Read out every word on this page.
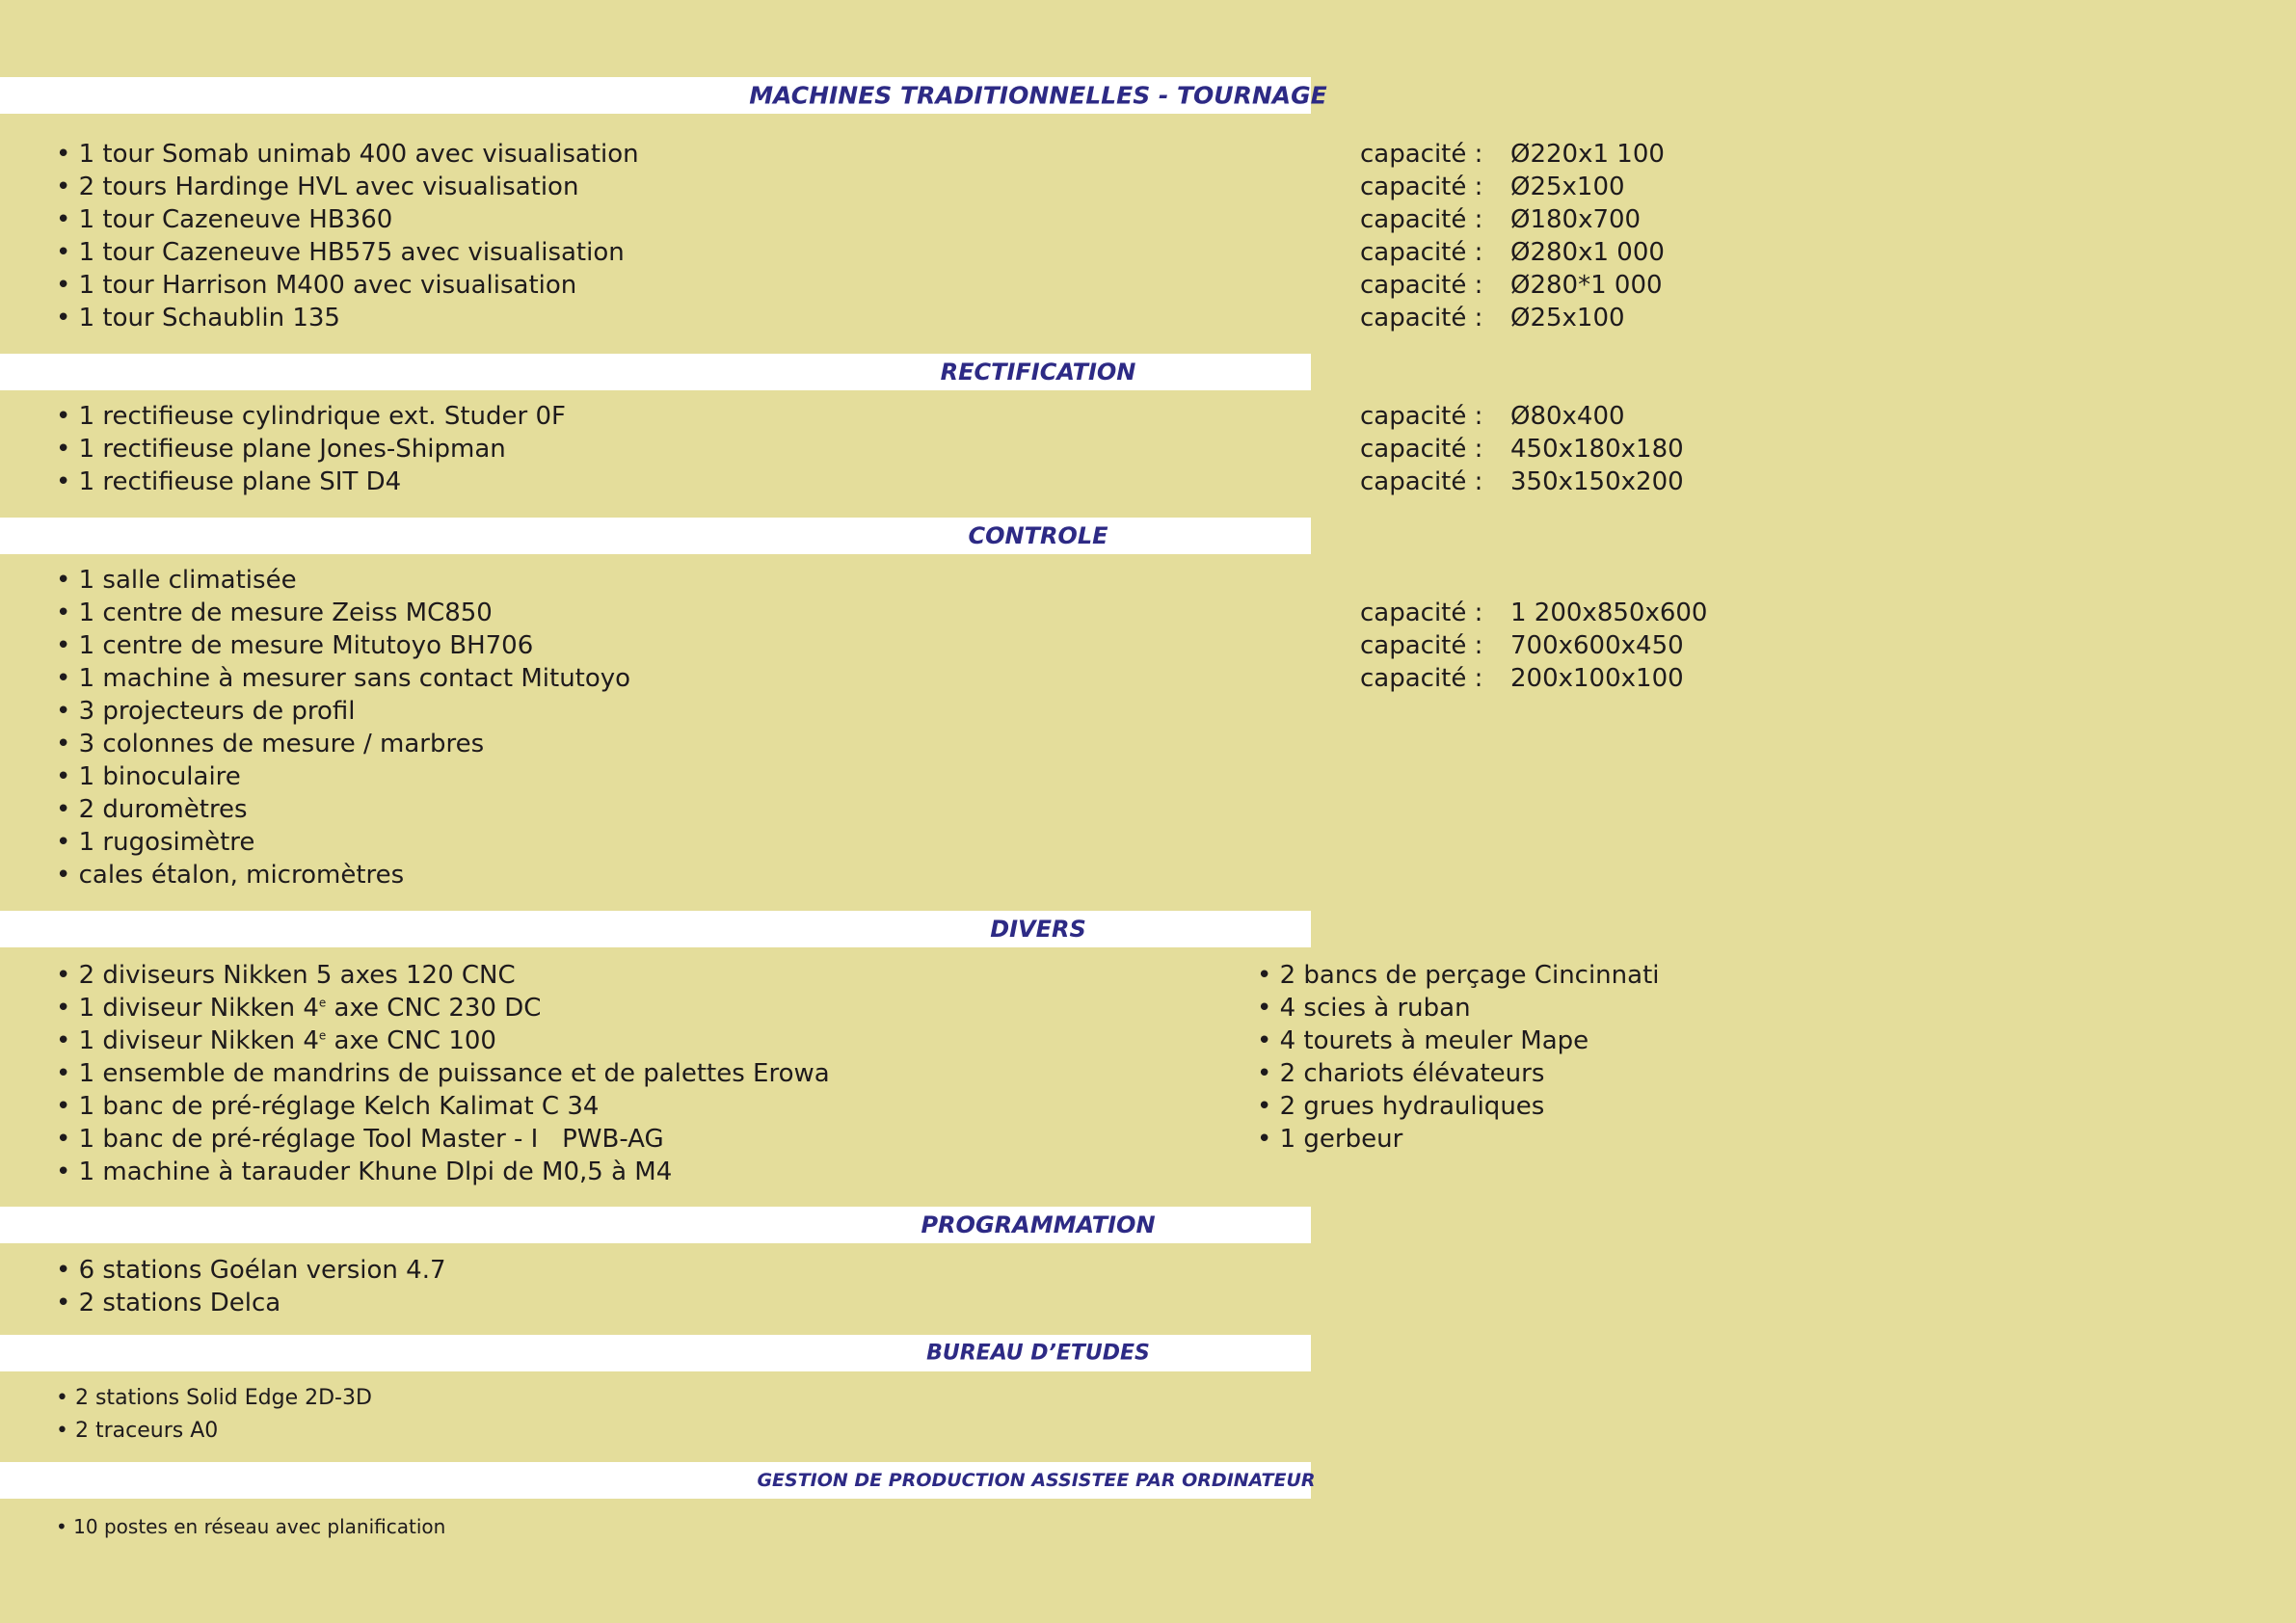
MACHINES TRADITIONNELLES - TOURNAGE
• 1 tour Somab unimab 400 avec visualisation
• 2 tours Hardinge HVL avec visualisation
• 1 tour Cazeneuve HB360
• 1 tour Cazeneuve HB575 avec visualisation
• 1 tour Harrison M400 avec visualisation
• 1 tour Schaublin 135
capacité : Ø220x1 100
capacité : Ø25x100
capacité : Ø180x700
capacité : Ø280x1 000
capacité : Ø280*1 000
capacité : Ø25x100
RECTIFICATION
• 1 rectifieuse cylindrique ext. Studer 0F
• 1 rectifieuse plane Jones-Shipman
• 1 rectifieuse plane SIT D4
capacité : Ø80x400
capacité : 450x180x180
capacité : 350x150x200
CONTROLE
• 1 salle climatisée
• 1 centre de mesure Zeiss MC850
• 1 centre de mesure Mitutoyo BH706
• 1 machine à mesurer sans contact Mitutoyo
• 3 projecteurs de profil
• 3 colonnes de mesure / marbres
• 1 binoculaire
• 2 duromètres
• 1 rugosimètre
• cales étalon, micromètres
capacité : 1 200x850x600
capacité : 700x600x450
capacité : 200x100x100
DIVERS
• 2 diviseurs Nikken 5 axes 120 CNC
• 1 diviseur Nikken 4e axe CNC 230 DC
• 1 diviseur Nikken 4e axe CNC 100
• 1 ensemble de mandrins de puissance et de palettes Erowa
• 1 banc de pré-réglage Kelch Kalimat C 34
• 1 banc de pré-réglage Tool Master - I   PWB-AG
• 1 machine à tarauder Khune Dlpi de M0,5 à M4
• 2 bancs de perçage Cincinnati
• 4 scies à ruban
• 4 tourets à meuler Mape
• 2 chariots élévateurs
• 2 grues hydrauliques
• 1 gerbeur
PROGRAMMATION
• 6 stations Goélan version 4.7
• 2 stations Delca
BUREAU D’ETUDES
• 2 stations Solid Edge 2D-3D
• 2 traceurs A0
GESTION DE PRODUCTION ASSISTEE PAR ORDINATEUR
• 10 postes en réseau avec planification
